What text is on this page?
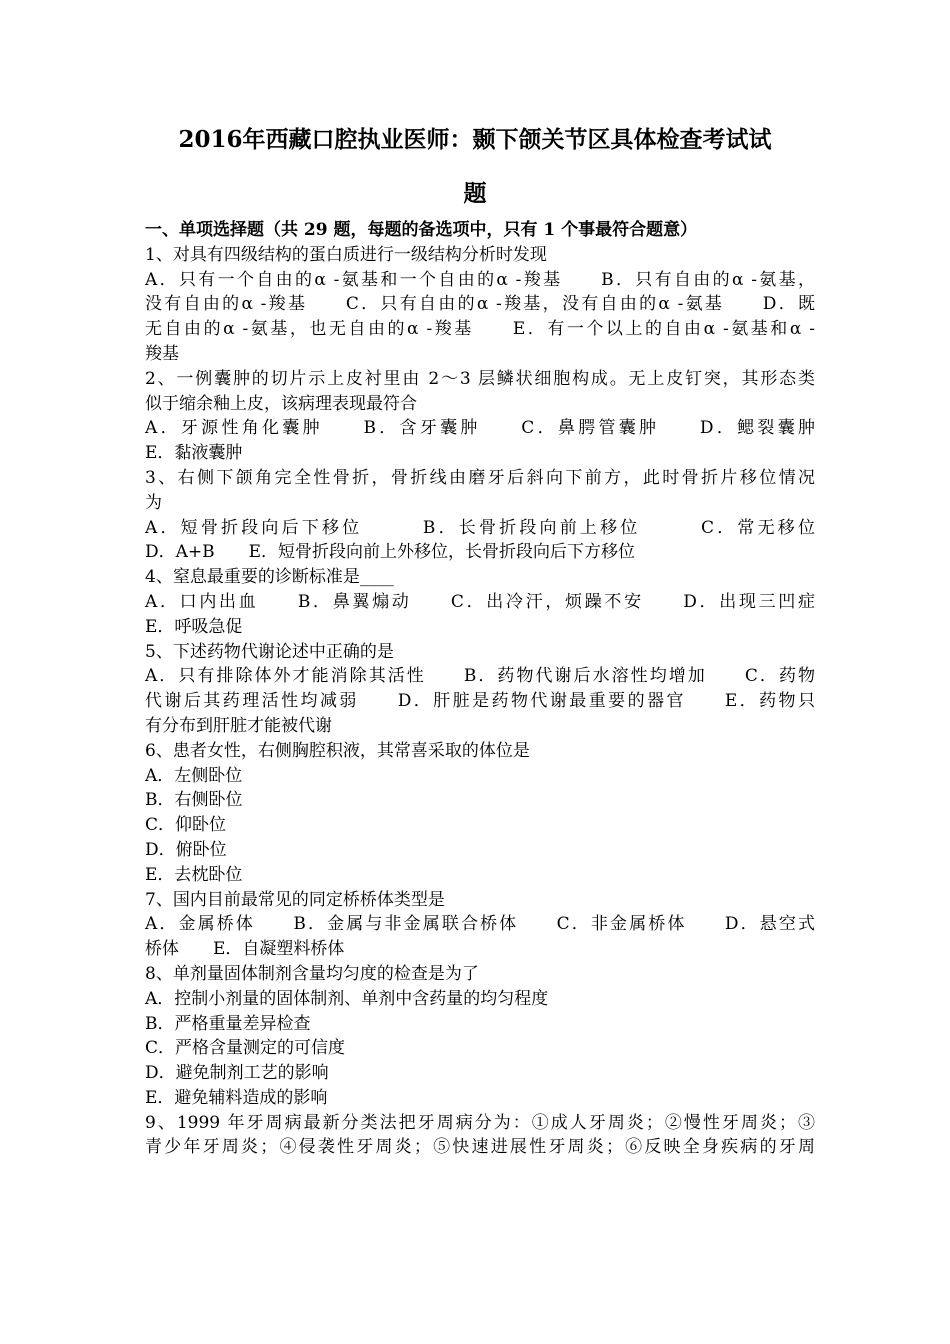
2016年西藏口腔执业医师：颞下颌关节区具体检查考试试
题
一、单项选择题（共 29 题，每题的备选项中，只有 1 个事最符合题意）
1、对具有四级结构的蛋白质进行一级结构分析时发现
A．只有一个自由的α -氨基和一个自由的α -羧基　　B．只有自由的α -氨基，
没有自由的α -羧基　　C．只有自由的α -羧基，没有自由的α -氨基　　D．既
无自由的α -氨基，也无自由的α -羧基　　E．有一个以上的自由α -氨基和α -
羧基
2、一例囊肿的切片示上皮衬里由 2～3 层鳞状细胞构成。无上皮钉突，其形态类
似于缩余釉上皮，该病理表现最符合
A．牙源性角化囊肿　　B．含牙囊肿　　C．鼻腭管囊肿　　D．鳃裂囊肿
E．黏液囊肿
3、右侧下颌角完全性骨折，骨折线由磨牙后斜向下前方，此时骨折片移位情况
为
A．短骨折段向后下移位　　　B．长骨折段向前上移位　　　C．常无移位
D．A+B　　E．短骨折段向前上外移位，长骨折段向后下方移位
4、窒息最重要的诊断标准是____
A．口内出血　　B．鼻翼煽动　　C．出冷汗，烦躁不安　　D．出现三凹症
E．呼吸急促
5、下述药物代谢论述中正确的是
A．只有排除体外才能消除其活性　　B．药物代谢后水溶性均增加　　C．药物
代谢后其药理活性均减弱　　D．肝脏是药物代谢最重要的器官　　E．药物只
有分布到肝脏才能被代谢
6、患者女性，右侧胸腔积液，其常喜采取的体位是
A．左侧卧位
B．右侧卧位
C．仰卧位
D．俯卧位
E．去枕卧位
7、国内目前最常见的同定桥桥体类型是
A．金属桥体　　B．金属与非金属联合桥体　　C．非金属桥体　　D．悬空式
桥体　　E．自凝塑料桥体
8、单剂量固体制剂含量均匀度的检查是为了
A．控制小剂量的固体制剂、单剂中含药量的均匀程度
B．严格重量差异检查
C．严格含量测定的可信度
D．避免制剂工艺的影响
E．避免辅料造成的影响
9、1999 年牙周病最新分类法把牙周病分为：①成人牙周炎；②慢性牙周炎；③
青少年牙周炎；④侵袭性牙周炎；⑤快速进展性牙周炎；⑥反映全身疾病的牙周
